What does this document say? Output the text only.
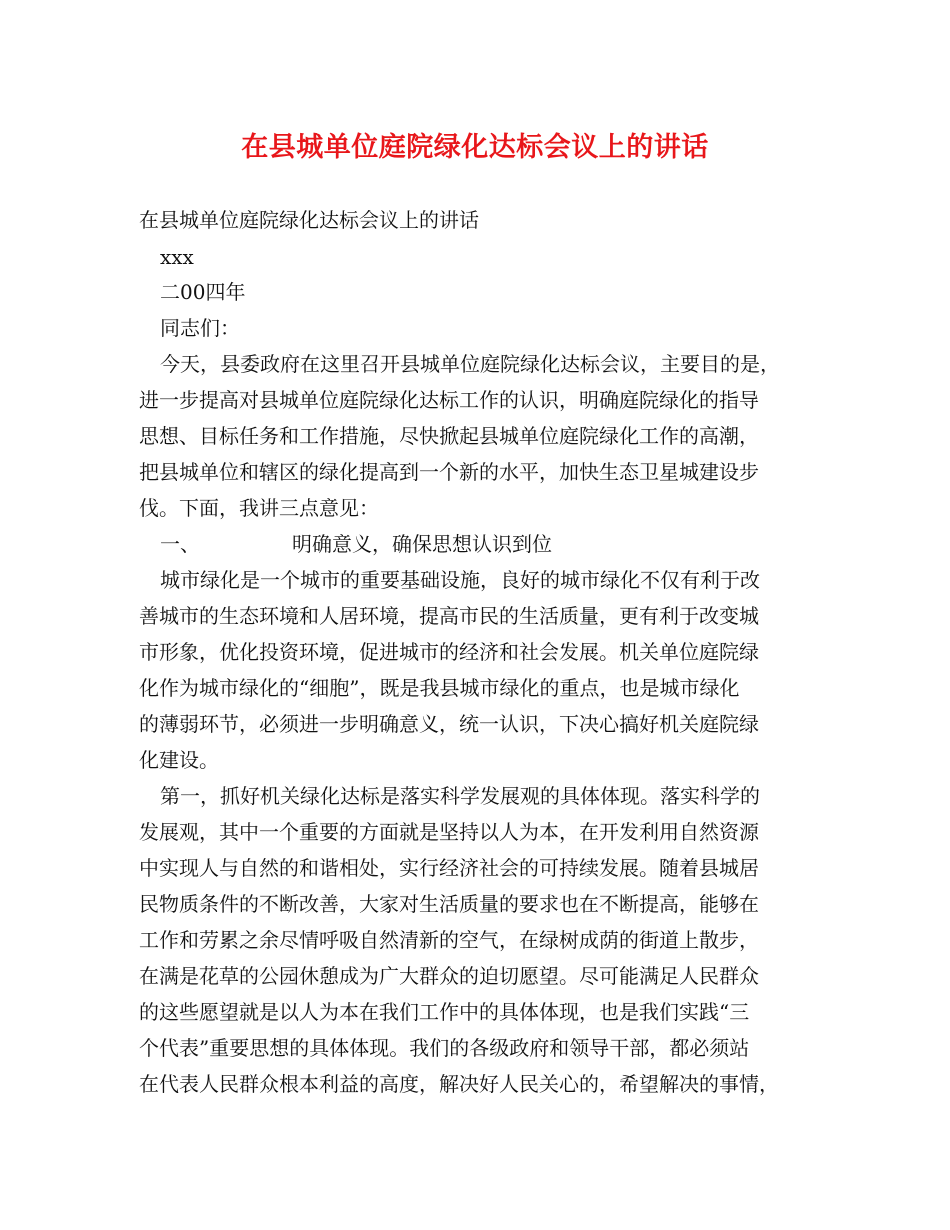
在县城单位庭院绿化达标会议上的讲话
在县城单位庭院绿化达标会议上的讲话
xxx
二00四年
同志们：
今天，县委政府在这里召开县城单位庭院绿化达标会议，主要目的是，
进一步提高对县城单位庭院绿化达标工作的认识，明确庭院绿化的指导
思想、目标任务和工作措施，尽快掀起县城单位庭院绿化工作的高潮，
把县城单位和辖区的绿化提高到一个新的水平，加快生态卫星城建设步
伐。下面，我讲三点意见：
一、	明确意义，确保思想认识到位
城市绿化是一个城市的重要基础设施，良好的城市绿化不仅有利于改
善城市的生态环境和人居环境，提高市民的生活质量，更有利于改变城
市形象，优化投资环境，促进城市的经济和社会发展。机关单位庭院绿
化作为城市绿化的“细胞”，既是我县城市绿化的重点，也是城市绿化
的薄弱环节，必须进一步明确意义，统一认识，下决心搞好机关庭院绿
化建设。
第一，抓好机关绿化达标是落实科学发展观的具体体现。落实科学的
发展观，其中一个重要的方面就是坚持以人为本，在开发利用自然资源
中实现人与自然的和谐相处，实行经济社会的可持续发展。随着县城居
民物质条件的不断改善，大家对生活质量的要求也在不断提高，能够在
工作和劳累之余尽情呼吸自然清新的空气，在绿树成荫的街道上散步，
在满是花草的公园休憩成为广大群众的迫切愿望。尽可能满足人民群众
的这些愿望就是以人为本在我们工作中的具体体现，也是我们实践“三
个代表”重要思想的具体体现。我们的各级政府和领导干部，都必须站
在代表人民群众根本利益的高度，解决好人民关心的，希望解决的事情，
